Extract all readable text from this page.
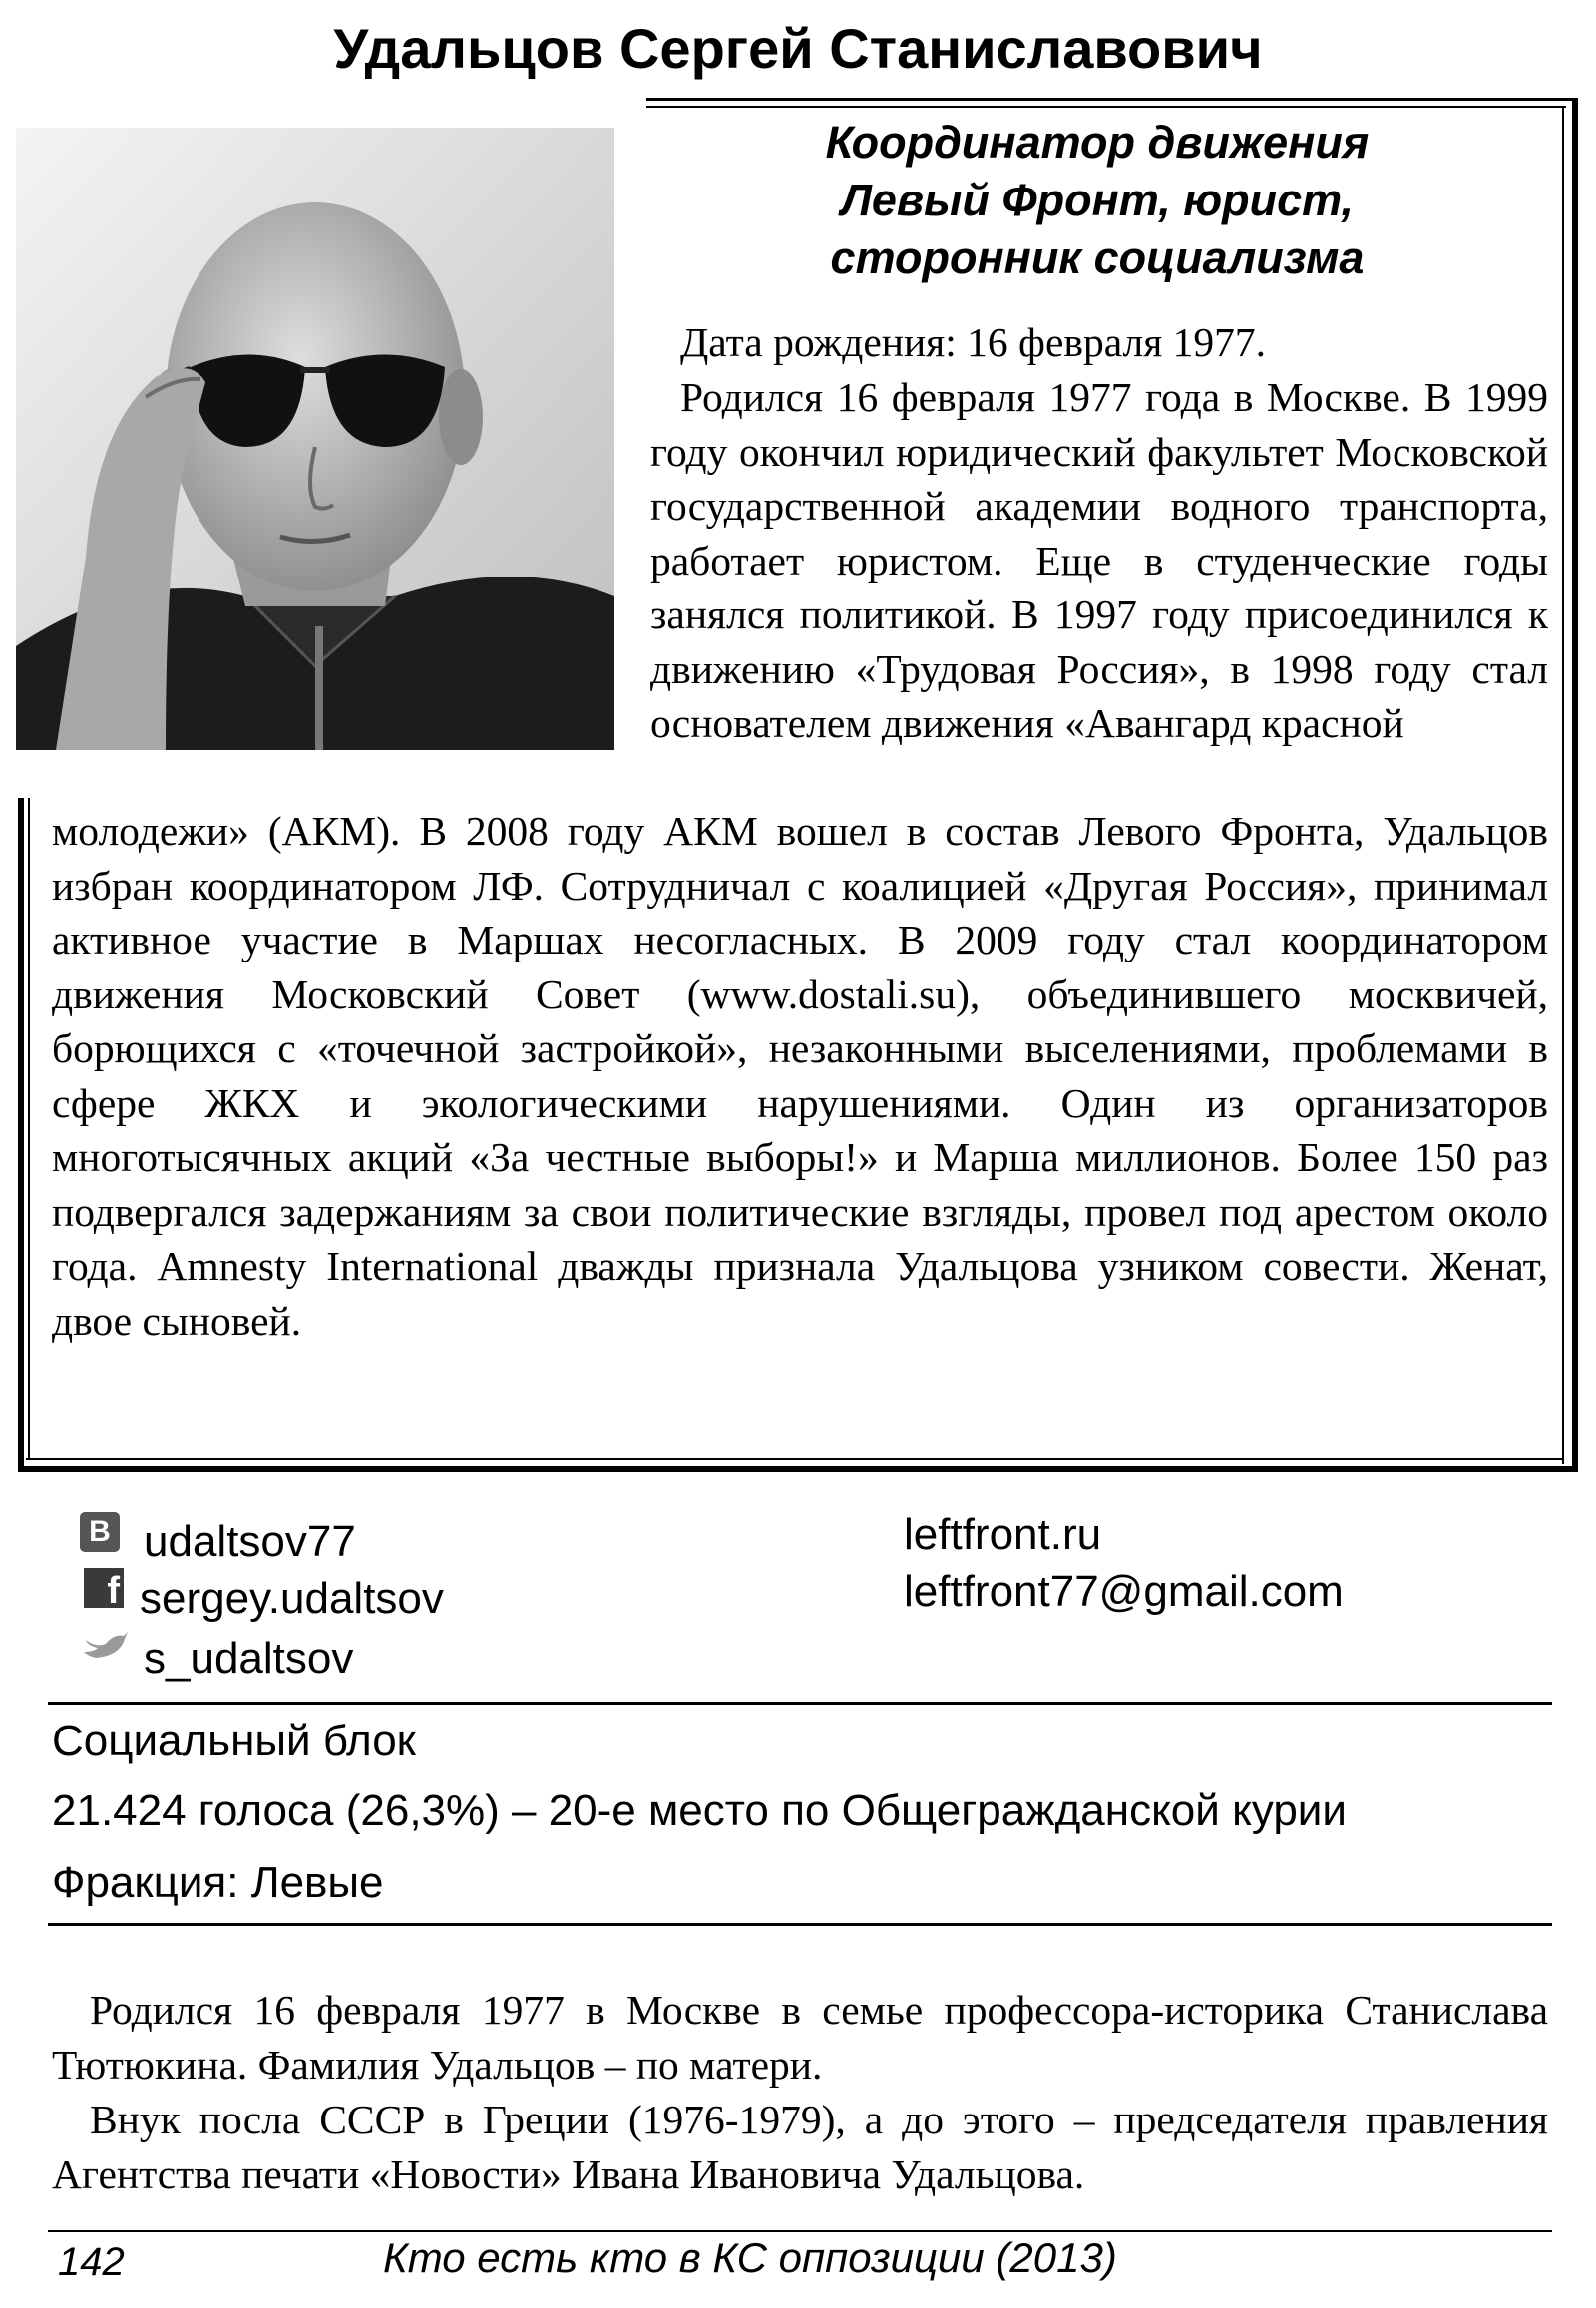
Удальцов Сергей Станиславович
Координатор движения
Левый Фронт, юрист,
сторонник социализма

Дата рождения: 16 февраля 1977.

Родился 16 февраля 1977 года в Москве. В 1999 году окончил юридический факультет Московской государственной академии водного транспорта, работает юристом. Еще в студенческие годы занялся политикой. В 1997 году присоединился к движению «Трудовая Россия», в 1998 году стал основателем движения «Авангард красной

молодежи» (АКМ). В 2008 году АКМ вошел в состав Левого Фронта, Удальцов избран координатором ЛФ. Сотрудничал с коалицией «Другая Россия», принимал активное участие в Маршах несогласных. В 2009 году стал координатором движения Московский Совет (www.dostali.su), объединившего москвичей, борющихся с «точечной застройкой», незаконными выселениями, проблемами в сфере ЖКХ и экологическими нарушениями. Один из организаторов многотысячных акций «За честные выборы!» и Марша миллионов. Более 150 раз подвергался задержаниям за свои политические взгляды, провел под арестом около года. Amnesty International дважды признала Удальцова узником совести. Женат, двое сыновей.

B
f
udaltsov77
sergey.udaltsov
s_udaltsov
leftfront.ru
leftfront77@gmail.com
Социальный блок
21.424 голоса (26,3%) – 20-е место по Общегражданской курии
Фракция: Левые

Родился 16 февраля 1977 в Москве в семье профессора-историка Станислава Тютюкина. Фамилия Удальцов – по матери.

Внук посла СССР в Греции (1976-1979), а до этого – председателя правления Агентства печати «Новости» Ивана Ивановича Удальцова.

142	Кто есть кто в КС оппозиции (2013)
